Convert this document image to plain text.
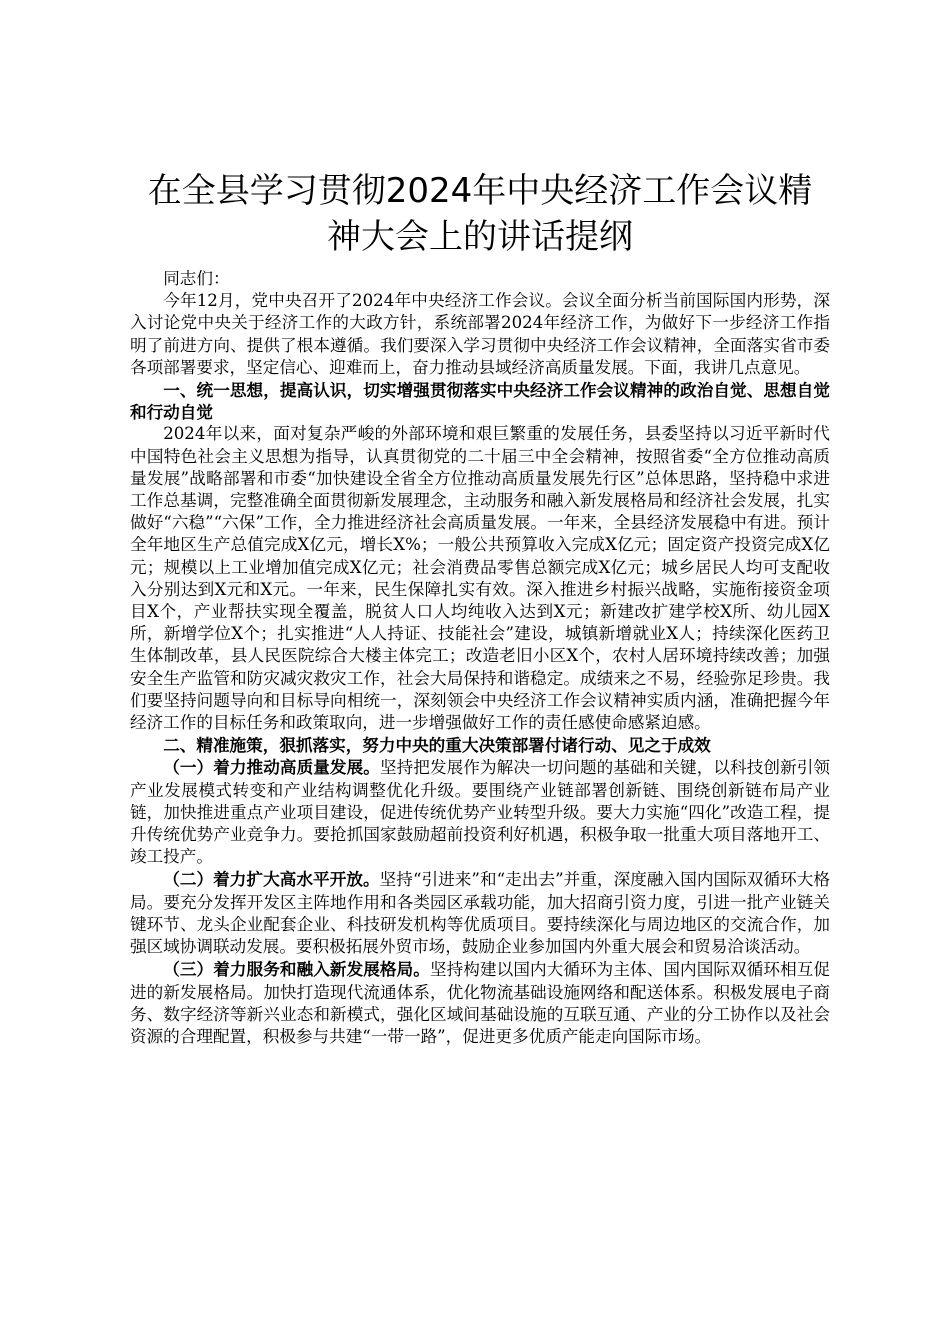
在全县学习贯彻2024年中央经济工作会议精
神大会上的讲话提纲

同志们：

今年12月，党中央召开了2024年中央经济工作会议。会议全面分析当前国际国内形势，深入讨论党中央关于经济工作的大政方针，系统部署2024年经济工作，为做好下一步经济工作指明了前进方向、提供了根本遵循。我们要深入学习贯彻中央经济工作会议精神，全面落实省市委各项部署要求，坚定信心、迎难而上，奋力推动县域经济高质量发展。下面，我讲几点意见。

一、统一思想，提高认识，切实增强贯彻落实中央经济工作会议精神的政治自觉、思想自觉和行动自觉

2024年以来，面对复杂严峻的外部环境和艰巨繁重的发展任务，县委坚持以习近平新时代中国特色社会主义思想为指导，认真贯彻党的二十届三中全会精神，按照省委“全方位推动高质量发展”战略部署和市委“加快建设全省全方位推动高质量发展先行区”总体思路，坚持稳中求进工作总基调，完整准确全面贯彻新发展理念，主动服务和融入新发展格局和经济社会发展，扎实做好“六稳”“六保”工作，全力推进经济社会高质量发展。一年来，全县经济发展稳中有进。预计全年地区生产总值完成X亿元，增长X%；一般公共预算收入完成X亿元；固定资产投资完成X亿元；规模以上工业增加值完成X亿元；社会消费品零售总额完成X亿元；城乡居民人均可支配收入分别达到X元和X元。一年来，民生保障扎实有效。深入推进乡村振兴战略，实施衔接资金项目X个，产业帮扶实现全覆盖，脱贫人口人均纯收入达到X元；新建改扩建学校X所、幼儿园X所，新增学位X个；扎实推进“人人持证、技能社会”建设，城镇新增就业X人；持续深化医药卫生体制改革，县人民医院综合大楼主体完工；改造老旧小区X个，农村人居环境持续改善；加强安全生产监管和防灾减灾救灾工作，社会大局保持和谐稳定。成绩来之不易，经验弥足珍贵。我们要坚持问题导向和目标导向相统一，深刻领会中央经济工作会议精神实质内涵，准确把握今年经济工作的目标任务和政策取向，进一步增强做好工作的责任感使命感紧迫感。

二、精准施策，狠抓落实，努力中央的重大决策部署付诸行动、见之于成效

（一）着力推动高质量发展。坚持把发展作为解决一切问题的基础和关键，以科技创新引领产业发展模式转变和产业结构调整优化升级。要围绕产业链部署创新链、围绕创新链布局产业链，加快推进重点产业项目建设，促进传统优势产业转型升级。要大力实施“四化”改造工程，提升传统优势产业竞争力。要抢抓国家鼓励超前投资利好机遇，积极争取一批重大项目落地开工、竣工投产。

（二）着力扩大高水平开放。坚持“引进来”和“走出去”并重，深度融入国内国际双循环大格局。要充分发挥开发区主阵地作用和各类园区承载功能，加大招商引资力度，引进一批产业链关键环节、龙头企业配套企业、科技研发机构等优质项目。要持续深化与周边地区的交流合作，加强区域协调联动发展。要积极拓展外贸市场，鼓励企业参加国内外重大展会和贸易洽谈活动。

（三）着力服务和融入新发展格局。坚持构建以国内大循环为主体、国内国际双循环相互促进的新发展格局。加快打造现代流通体系，优化物流基础设施网络和配送体系。积极发展电子商务、数字经济等新兴业态和新模式，强化区域间基础设施的互联互通、产业的分工协作以及社会资源的合理配置，积极参与共建“一带一路”，促进更多优质产能走向国际市场。
